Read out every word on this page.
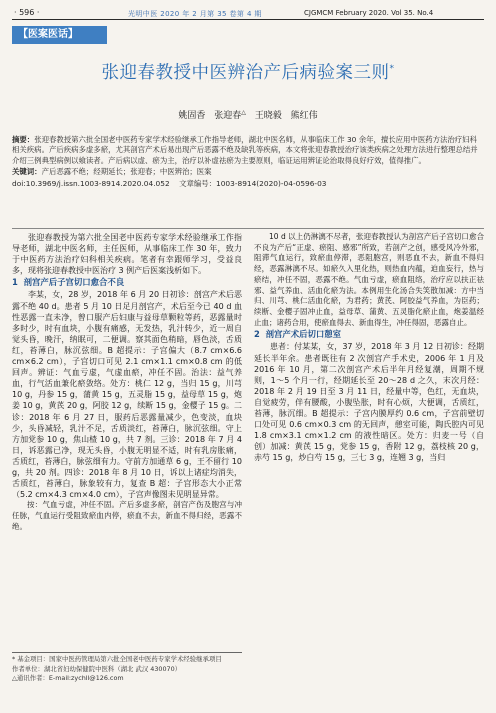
· 596 ·	光明中医 2020 年 2 月第 35 卷第 4 期	CJGMCM February 2020. Vol 35. No.4
【医案医话】
张迎春教授中医辨治产后病验案三则*
姚固香 张迎春△ 王晓毅 熊红伟

摘要：张迎春教授第六批全国老中医药专家学术经验继承工作指导老师，湖北中医名师，从事临床工作 30 余年，擅长应用中医药方法治疗妇科相关疾病。产后疾病多虚多瘀，尤其剖宫产术后易出现产后恶露不绝及缺乳等疾病，本文将张迎春教授治疗该类疾病之处理方法进行整理总结并介绍三例典型病例以飨读者。产后病以虚、瘀为主，治疗以补虚祛瘀为主要原则，临证运用辨证论治取得良好疗效，值得推广。

关键词：产后恶露不绝；经期延长；张迎春；中医辨治；医案

doi:10.3969/j.issn.1003-8914.2020.04.052 文章编号：1003-8914(2020)-04-0596-03

张迎春教授为第六批全国老中医药专家学术经验继承工作指导老师，湖北中医名师，主任医师，从事临床工作 30 年，致力于中医药方法治疗妇科相关疾病。笔者有幸跟师学习，受益良多，现将张迎春教授中医治疗 3 例产后医案浅析如下。

1 剖宫产后子宫切口愈合不良

李某，女，28 岁，2018 年 6 月 20 日初诊：剖宫产术后恶露不绝 40 d。患者 5 月 10 日足月剖宫产，术后至今已 40 d 血性恶露一直未净，曾口服产后妇康与益母草颗粒等药，恶露量时多时少，时有血块，小腹有痛感，无发热，乳汁转少，近一周自觉头昏，晚汗，纳眠可，二便调。察其面色稍暗，唇色淡，舌质红，苔薄白，脉沉弦细。B 超提示：子宫偏大（8.7 cm×6.6 cm×6.2 cm），子宫切口可见 2.1 cm×1.1 cm×0.8 cm 的低回声。辨证：气血亏虚，气虚血瘀，冲任不固。治法：益气养血，行气活血兼化瘀敛络。处方：桃仁 12 g，当归 15 g，川芎 10 g，丹参 15 g，蒲黄 15 g，五灵脂 15 g，益母草 15 g，炮姜 10 g，黄芪 20 g，阿胶 12 g，续断 15 g，金樱子 15 g。二诊：2018 年 6 月 27 日，服药后恶露量减少，色变淡，血块少，头昏减轻，乳汁不足，舌质淡红，苔薄白，脉沉弦细。守上方加党参 10 g，焦山楂 10 g，共 7 剂。三诊：2018 年 7 月 4 日，诉恶露已净，现无头昏，小腹无明显不适，时有乳房胀痛，舌质红，苔薄白，脉弦细有力。守前方加通草 6 g，王不留行 10 g，共 20 剂。四诊：2018 年 8 月 10 日，诉以上诸症均消失，舌质红，苔薄白，脉象较有力，复查 B 超：子宫形态大小正常（5.2 cm×4.3 cm×4.0 cm），子宫声像图未见明显异常。

按：气血亏虚，冲任不固。产后多虚多瘀，剖宫产伤及胞宫与冲任脉，气血运行受阻致瘀血内停，瘀血不去，新血不得归经，恶露不绝。

* 基金项目：国家中医药管理局第六批全国老中医药专家学术经验继承项目
作者单位：湖北省妇幼保健院中医科（湖北 武汉 430070）
△通讯作者：E-mail:zychll@126.com

10 d 以上仍淋漓不尽者，张迎春教授认为剖宫产后子宫切口愈合不良为产后“正虚、瘀阻、感邪”所致，若剖产之创，感受风冷外邪，阻滞气血运行，致瘀血停滞，恶阻胞宫，则恶血不去，新血不得归经，恶露淋漓不尽。如瘀久入里化热，则热血内蕴，迫血妄行，热与瘀结，冲任不固，恶露不绝。气血亏虚，瘀血阻络，治疗应以扶正祛邪、益气养血、活血化瘀为法。本例用生化汤合失笑散加减：方中当归、川芎、桃仁活血化瘀，为君药；黄芪、阿胶益气养血，为臣药；续断、金樱子固冲止血，益母草、蒲黄、五灵脂化瘀止血，炮姜温经止血；诸药合用，使瘀血得去、新血得生，冲任得固，恶露自止。

2 剖宫产术后切口憩室

患者：付某某，女，37 岁，2018 年 3 月 12 日初诊：经期延长半年余。患者既往有 2 次剖宫产手术史，2006 年 1 月及 2016 年 10 月，第二次剖宫产术后半年月经复潮，周期不规则，1～5 个月一行，经期延长至 20～28 d 之久，末次月经：2018 年 2 月 19 日至 3 月 11 日，经量中等，色红，无血块，自觉疲劳，伴有腰酸，小腹坠胀，时有心烦，大便调，舌质红，苔薄，脉沉细。B 超提示：子宫内膜厚约 0.6 cm，子宫前壁切口处可见 0.6 cm×0.3 cm 的无回声，憩室可能，陶氏腔内可见 1.8 cm×3.1 cm×1.2 cm 的液性暗区。处方：归麦一号（自创）加减：黄芪 15 g，党参 15 g，香附 12 g，荔枝核 20 g，赤芍 15 g，炒白芍 15 g，三七 3 g，连翘 3 g，当归
